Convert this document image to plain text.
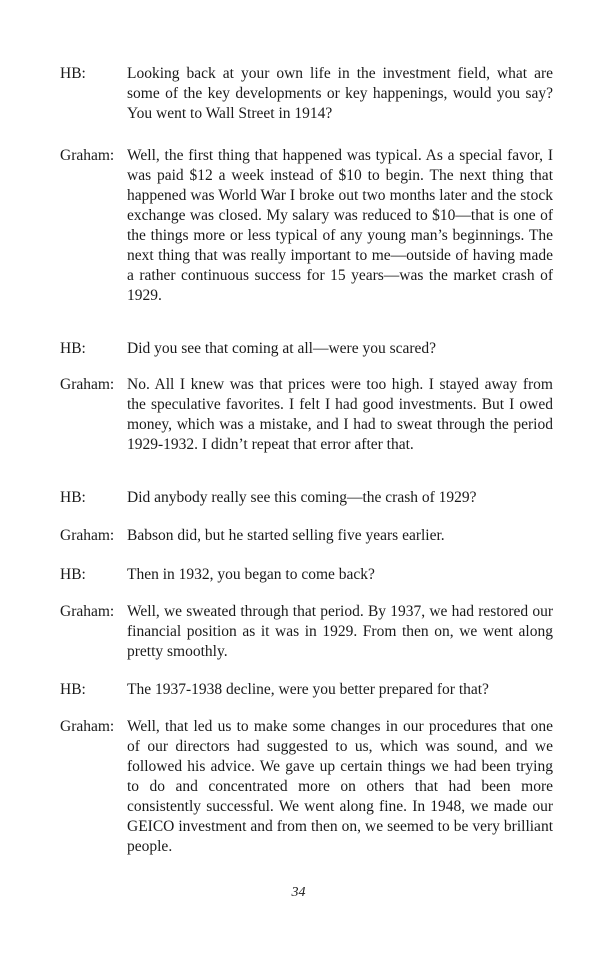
HB:	Looking back at your own life in the investment field, what are some of the key developments or key happenings, would you say? You went to Wall Street in 1914?
Graham: Well, the first thing that happened was typical. As a special favor, I was paid $12 a week instead of $10 to begin. The next thing that happened was World War I broke out two months later and the stock exchange was closed. My salary was reduced to $10—that is one of the things more or less typical of any young man’s beginnings. The next thing that was really important to me—outside of having made a rather continuous success for 15 years—was the market crash of 1929.
HB:	Did you see that coming at all—were you scared?
Graham: No. All I knew was that prices were too high. I stayed away from the speculative favorites. I felt I had good investments. But I owed money, which was a mistake, and I had to sweat through the period 1929-1932. I didn’t repeat that error after that.
HB:	Did anybody really see this coming—the crash of 1929?
Graham: Babson did, but he started selling five years earlier.
HB:	Then in 1932, you began to come back?
Graham: Well, we sweated through that period. By 1937, we had restored our financial position as it was in 1929. From then on, we went along pretty smoothly.
HB:	The 1937-1938 decline, were you better prepared for that?
Graham: Well, that led us to make some changes in our procedures that one of our directors had suggested to us, which was sound, and we followed his advice. We gave up certain things we had been trying to do and concentrated more on others that had been more consistently successful. We went along fine. In 1948, we made our GEICO investment and from then on, we seemed to be very brilliant people.
34
